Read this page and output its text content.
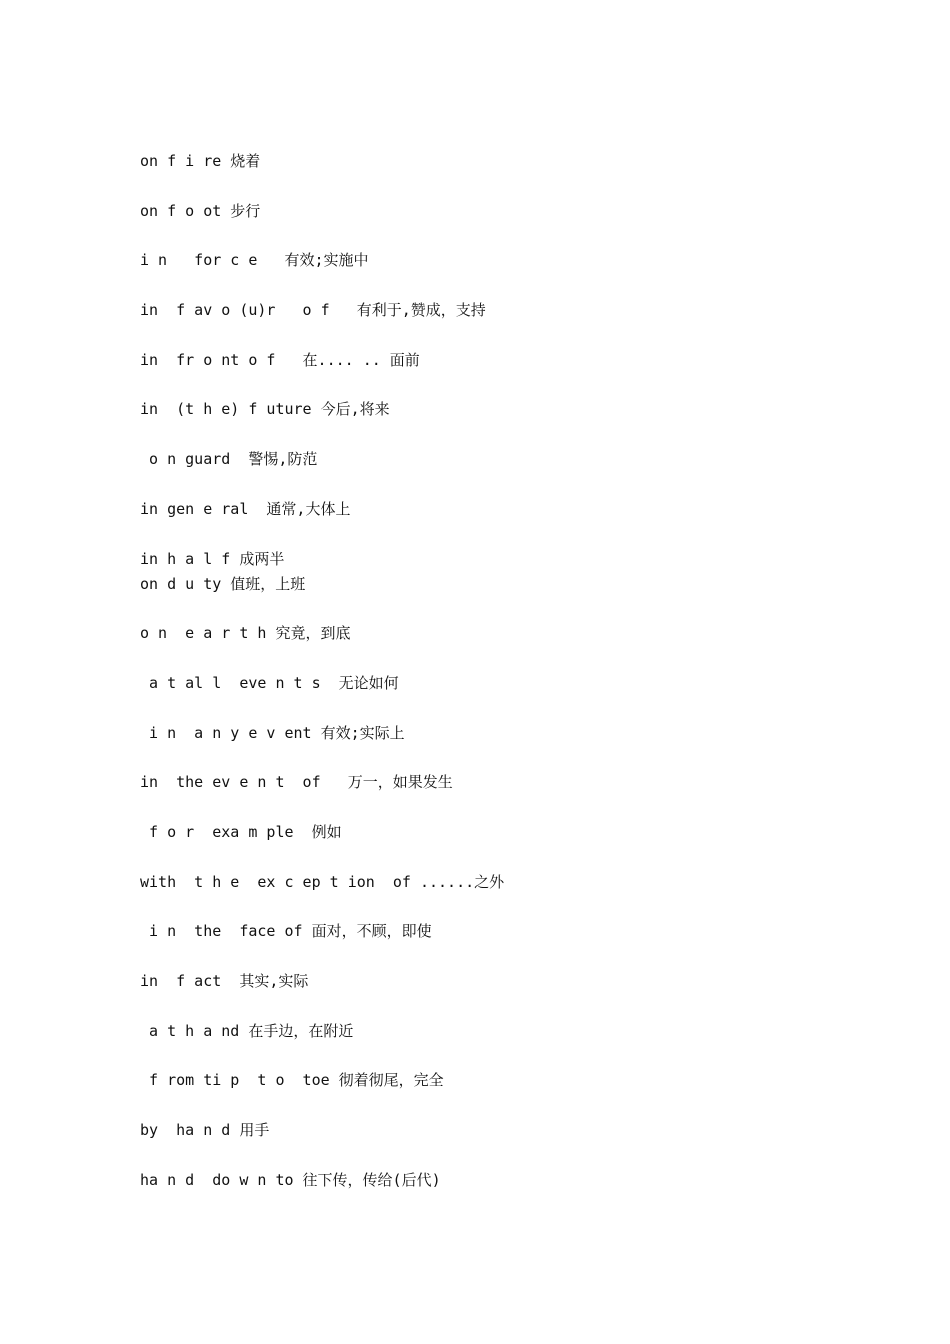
on f i re 烧着
on f o ot 步行
i n   for c e   有效;实施中
in  f av o (u)r   o f   有利于,赞成，支持
in  fr o nt o f   在.... .. 面前
in  (t h e) f uture 今后,将来
o n guard  警惕,防范
in gen e ral  通常,大体上
in h a l f 成两半
on d u ty 值班，上班
o n  e a r t h 究竟，到底
a t al l  eve n t s  无论如何
i n  a n y e v ent 有效;实际上
in  the ev e n t  of   万一，如果发生
f o r  exa m ple  例如
with  t h e  ex c ep t ion  of ......之外
i n  the  face of 面对，不顾，即使
in  f act  其实,实际
a t h a nd 在手边，在附近
f rom ti p  t o  toe 彻着彻尾，完全
by  ha n d 用手
ha n d  do w n to 往下传，传给(后代)
